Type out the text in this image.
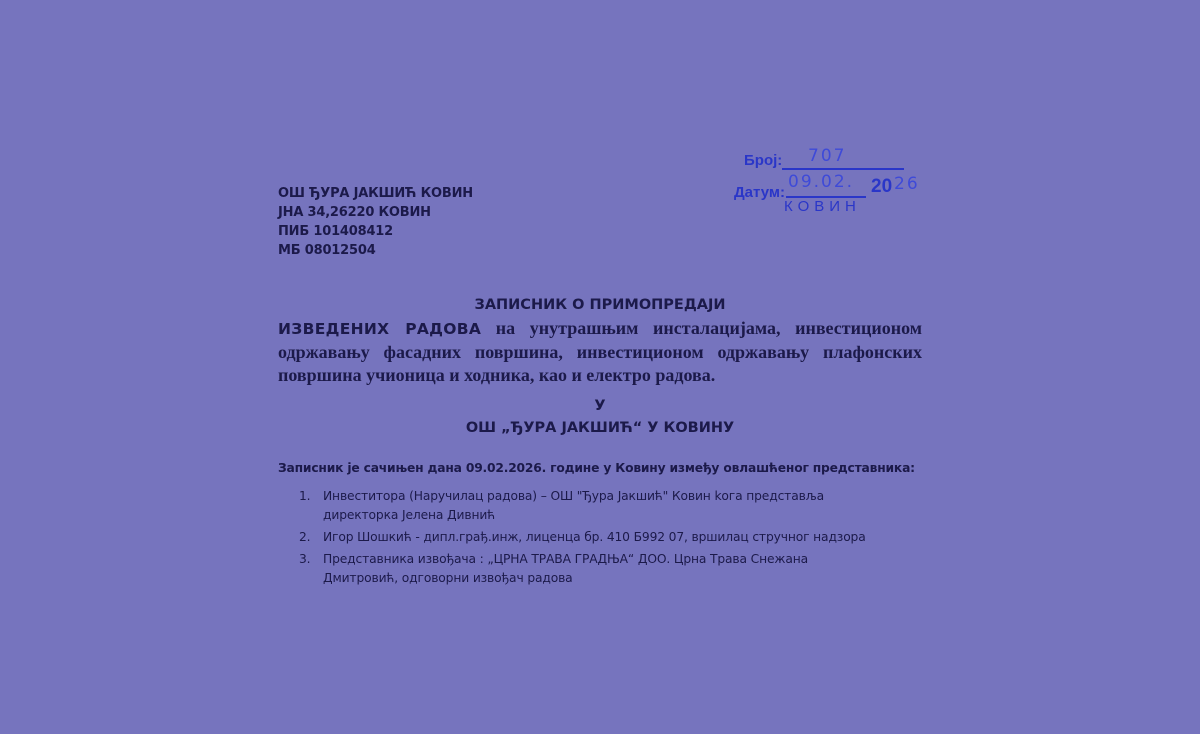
ОШ ЂУРА ЈАКШИЋ КОВИН
ЈНА 34,26220 КОВИН
ПИБ 101408412
МБ 08012504
Број: 707
Датум:
09.02. 20 26
КОВИН
ЗАПИСНИК О ПРИМОПРЕДАЈИ
ИЗВЕДЕНИХ РАДОВА на унутрашњим инсталацијама, инвестиционом одржавању фасадних површина, инвестиционом одржавању плафонских површина учионица и ходника, као и електро радова.
У
ОШ „ЂУРА ЈАКШИЋ“ У КОВИНУ
Записник је сачињен дана 09.02.2026. године у Ковину између овлашћеног представника:
1. Инвеститора (Наручилац радова) – ОШ "Ђура Јакшић" Ковин kога представља директорка Јелена Дивнић
2. Игор Шошкић - дипл.грађ.инж, лиценца бр. 410 Б992 07, вршилац стручног надзора
3. Представника извођача : „ЦРНА ТРАВА ГРАДЊА“ ДОО. Црна Трава Снежана Дмитровић, одговорни извођач радова
